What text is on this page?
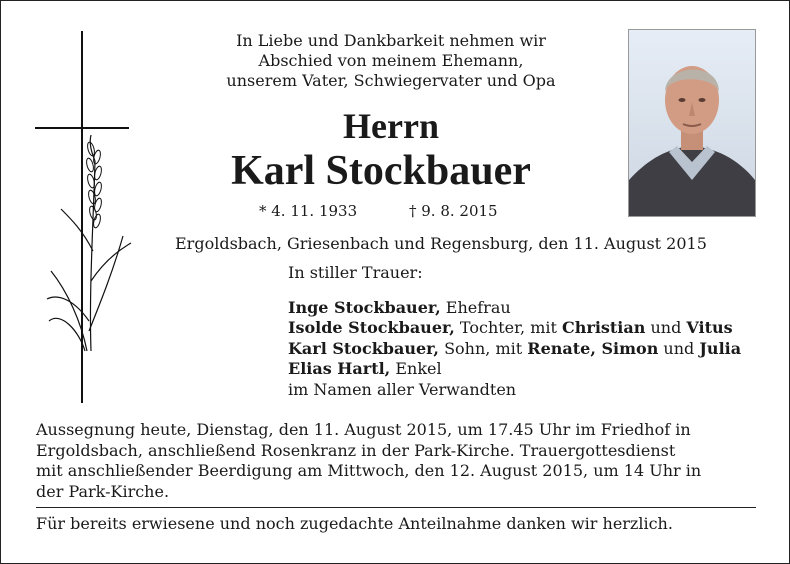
In Liebe und Dankbarkeit nehmen wir
Abschied von meinem Ehemann,
unserem Vater, Schwiegervater und Opa
Herrn
Karl Stockbauer
* 4. 11. 1933	† 9. 8. 2015
Ergoldsbach, Griesenbach und Regensburg, den 11. August 2015
In stiller Trauer:
Inge Stockbauer, Ehefrau
Isolde Stockbauer, Tochter, mit Christian und Vitus
Karl Stockbauer, Sohn, mit Renate, Simon und Julia
Elias Hartl, Enkel
im Namen aller Verwandten
Aussegnung heute, Dienstag, den 11. August 2015, um 17.45 Uhr im Friedhof in
Ergoldsbach, anschließend Rosenkranz in der Park-Kirche. Trauergottesdienst
mit anschließender Beerdigung am Mittwoch, den 12. August 2015, um 14 Uhr in
der Park-Kirche.
Für bereits erwiesene und noch zugedachte Anteilnahme danken wir herzlich.
